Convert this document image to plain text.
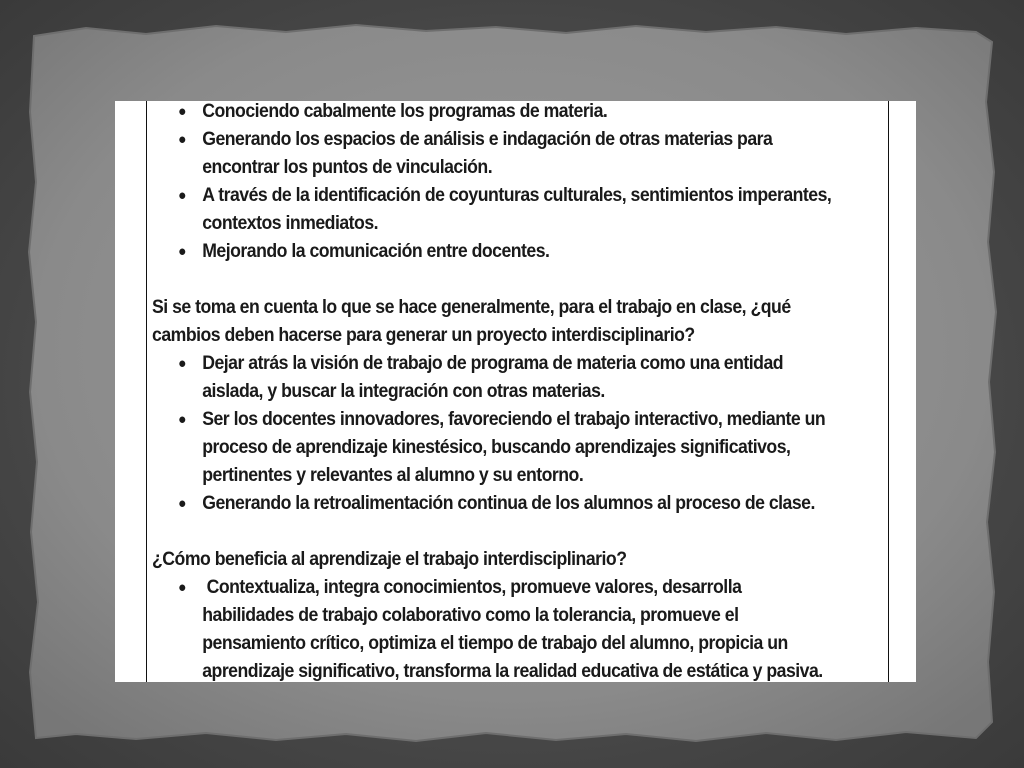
● Conociendo cabalmente los programas de materia.
● Generando los espacios de análisis e indagación de otras materias para encontrar los puntos de vinculación.
● A través de la identificación de coyunturas culturales, sentimientos imperantes, contextos inmediatos.
● Mejorando la comunicación entre docentes.

Si se toma en cuenta lo que se hace generalmente, para el trabajo en clase, ¿qué cambios deben hacerse para generar un proyecto interdisciplinario?

● Dejar atrás la visión de trabajo de programa de materia como una entidad aislada, y buscar la integración con otras materias.
● Ser los docentes innovadores, favoreciendo el trabajo interactivo, mediante un proceso de aprendizaje kinestésico, buscando aprendizajes significativos, pertinentes y relevantes al alumno y su entorno.
● Generando la retroalimentación continua de los alumnos al proceso de clase.

¿Cómo beneficia al aprendizaje el trabajo interdisciplinario?

● Contextualiza, integra conocimientos, promueve valores, desarrolla habilidades de trabajo colaborativo como la tolerancia, promueve el pensamiento crítico, optimiza el tiempo de trabajo del alumno, propicia un aprendizaje significativo, transforma la realidad educativa de estática y pasiva.
